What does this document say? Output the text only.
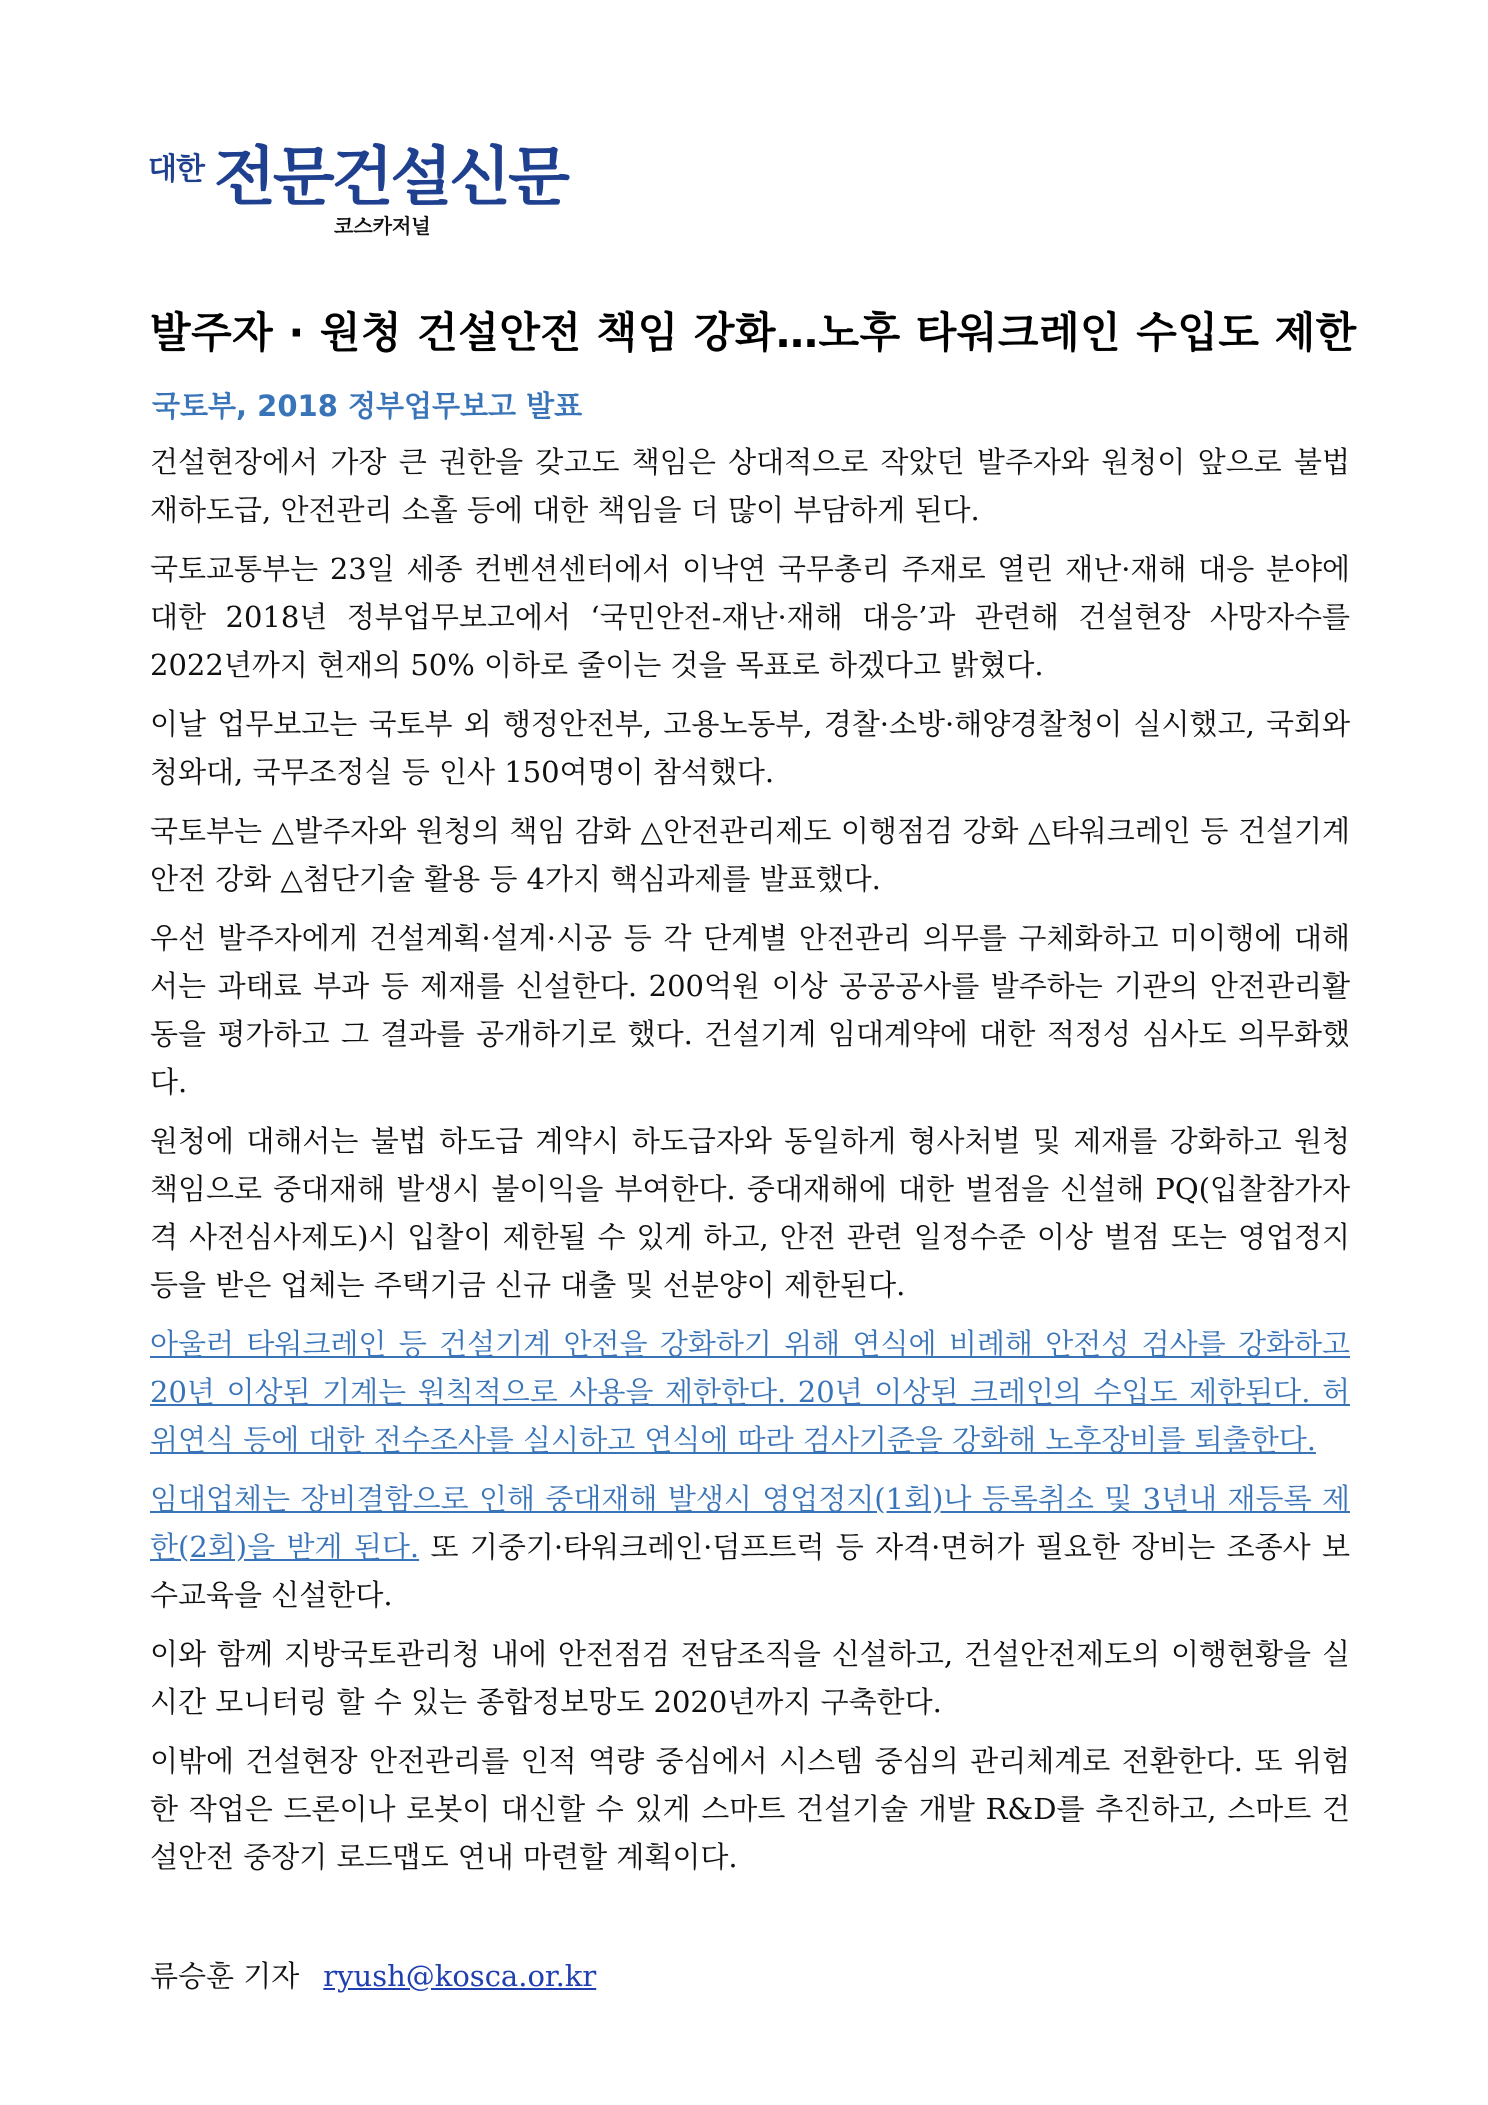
대한 전문건설신문
코스카저널
발주자 · 원청 건설안전 책임 강화…노후 타워크레인 수입도 제한
국토부, 2018 정부업무보고 발표

건설현장에서 가장 큰 권한을 갖고도 책임은 상대적으로 작았던 발주자와 원청이 앞으로 불법 재하도급, 안전관리 소홀 등에 대한 책임을 더 많이 부담하게 된다.

국토교통부는 23일 세종 컨벤션센터에서 이낙연 국무총리 주재로 열린 재난·재해 대응 분야에 대한 2018년 정부업무보고에서 ‘국민안전-재난·재해 대응’과 관련해 건설현장 사망자수를 2022년까지 현재의 50% 이하로 줄이는 것을 목표로 하겠다고 밝혔다.

이날 업무보고는 국토부 외 행정안전부, 고용노동부, 경찰·소방·해양경찰청이 실시했고, 국회와 청와대, 국무조정실 등 인사 150여명이 참석했다.

국토부는 △발주자와 원청의 책임 감화 △안전관리제도 이행점검 강화 △타워크레인 등 건설기계 안전 강화 △첨단기술 활용 등 4가지 핵심과제를 발표했다.

우선 발주자에게 건설계획·설계·시공 등 각 단계별 안전관리 의무를 구체화하고 미이행에 대해서는 과태료 부과 등 제재를 신설한다. 200억원 이상 공공공사를 발주하는 기관의 안전관리활동을 평가하고 그 결과를 공개하기로 했다. 건설기계 임대계약에 대한 적정성 심사도 의무화했다.

원청에 대해서는 불법 하도급 계약시 하도급자와 동일하게 형사처벌 및 제재를 강화하고 원청 책임으로 중대재해 발생시 불이익을 부여한다. 중대재해에 대한 벌점을 신설해 PQ(입찰참가자격 사전심사제도)시 입찰이 제한될 수 있게 하고, 안전 관련 일정수준 이상 벌점 또는 영업정지 등을 받은 업체는 주택기금 신규 대출 및 선분양이 제한된다.

아울러 타워크레인 등 건설기계 안전을 강화하기 위해 연식에 비례해 안전성 검사를 강화하고 20년 이상된 기계는 원칙적으로 사용을 제한한다. 20년 이상된 크레인의 수입도 제한된다. 허위연식 등에 대한 전수조사를 실시하고 연식에 따라 검사기준을 강화해 노후장비를 퇴출한다.

임대업체는 장비결함으로 인해 중대재해 발생시 영업정지(1회)나 등록취소 및 3년내 재등록 제한(2회)을 받게 된다. 또 기중기·타워크레인·덤프트럭 등 자격·면허가 필요한 장비는 조종사 보수교육을 신설한다.

이와 함께 지방국토관리청 내에 안전점검 전담조직을 신설하고, 건설안전제도의 이행현황을 실시간 모니터링 할 수 있는 종합정보망도 2020년까지 구축한다.

이밖에 건설현장 안전관리를 인적 역량 중심에서 시스템 중심의 관리체계로 전환한다. 또 위험한 작업은 드론이나 로봇이 대신할 수 있게 스마트 건설기술 개발 R&D를 추진하고, 스마트 건설안전 중장기 로드맵도 연내 마련할 계획이다.

류승훈 기자 ryush@kosca.or.kr
